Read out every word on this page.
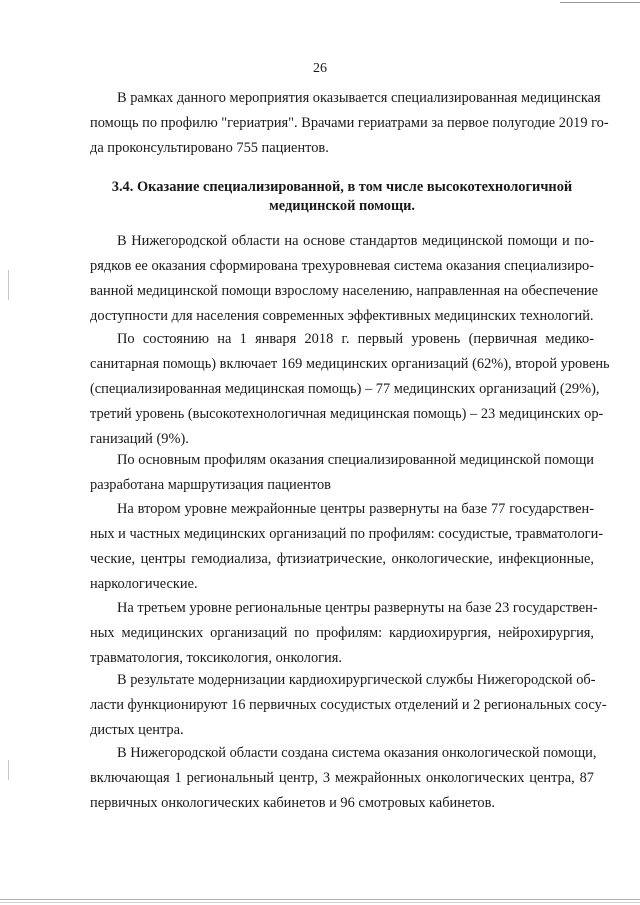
26
В рамках данного мероприятия оказывается специализированная медицинская
помощь по профилю "гериатрия". Врачами гериатрами за первое полугодие 2019 го-
да проконсультировано 755 пациентов.
3.4. Оказание специализированной, в том числе высокотехнологичной
медицинской помощи.
В Нижегородской области на основе стандартов медицинской помощи и по-
рядков ее оказания сформирована трехуровневая система оказания специализиро-
ванной медицинской помощи взрослому населению, направленная на обеспечение
доступности для населения современных эффективных медицинских технологий.
По состоянию на 1 января 2018 г. первый уровень (первичная медико-
санитарная помощь) включает 169 медицинских организаций (62%), второй уровень
(специализированная медицинская помощь) – 77 медицинских организаций (29%),
третий уровень (высокотехнологичная медицинская помощь) – 23 медицинских ор-
ганизаций (9%).
По основным профилям оказания специализированной медицинской помощи
разработана маршрутизация пациентов
На втором уровне межрайонные центры развернуты на базе 77 государствен-
ных и частных медицинских организаций по профилям: сосудистые, травматологи-
ческие, центры гемодиализа, фтизиатрические, онкологические, инфекционные,
наркологические.
На третьем уровне региональные центры развернуты на базе 23 государствен-
ных медицинских организаций по профилям: кардиохирургия, нейрохирургия,
травматология, токсикология, онкология.
В результате модернизации кардиохирургической службы Нижегородской об-
ласти функционируют 16 первичных сосудистых отделений и 2 региональных сосу-
дистых центра.
В Нижегородской области создана система оказания онкологической помощи,
включающая 1 региональный центр, 3 межрайонных онкологических центра, 87
первичных онкологических кабинетов и 96 смотровых кабинетов.
